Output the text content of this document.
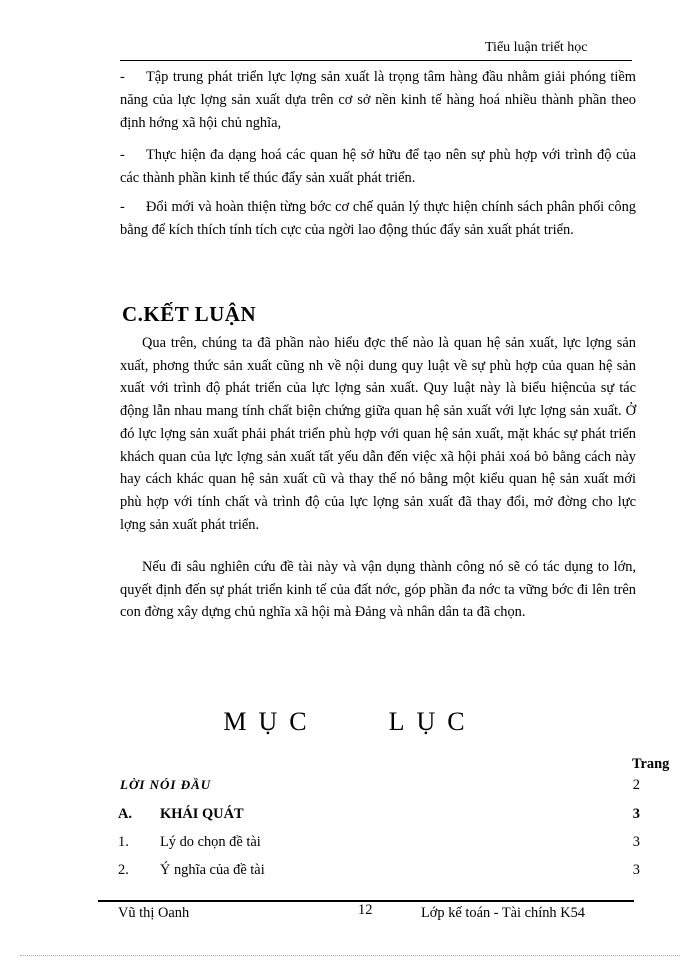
Tiểu luận triết học
- Tập trung phát triển lực lợng sản xuất là trọng tâm hàng đầu nhằm giải phóng tiềm năng của lực lợng sản xuất dựa trên cơ sở nền kinh tế hàng hoá nhiều thành phần theo định hớng xã hội chủ nghĩa,
- Thực hiện đa dạng hoá các quan hệ sở hữu để tạo nên sự phù hợp với trình độ của các thành phần kinh tế thúc đẩy sản xuất phát triển.
- Đổi mới và hoàn thiện từng bớc cơ chế quản lý thực hiện chính sách phân phối công bằng để kích thích tính tích cực của ngời lao động thúc đẩy sản xuất phát triển.
C.KẾT LUẬN
Qua trên, chúng ta đã phần nào hiểu đợc thế nào là quan hệ sản xuất, lực lợng sản xuất, phơng thức sản xuất cũng nh về nội dung quy luật về sự phù hợp của quan hệ sản xuất với trình độ phát triển của lực lợng sản xuất. Quy luật này là biểu hiệncủa sự tác động lẫn nhau mang tính chất biện chứng giữa quan hệ sản xuất với lực lợng sản xuất. Ở đó lực lợng sản xuất phải phát triển phù hợp với quan hệ sản xuất, mặt khác sự phát triển khách quan của lực lợng sản xuất tất yếu dẫn đến việc xã hội phải xoá bỏ bằng cách này hay cách khác quan hệ sản xuất cũ và thay thế nó bằng một kiểu quan hệ sản xuất mới phù hợp với tính chất và trình độ của lực lợng sản xuất đã thay đổi, mở đờng cho lực lợng sản xuất phát triển.
Nếu đi sâu nghiên cứu đề tài này và vận dụng thành công nó sẽ có tác dụng to lớn, quyết định đến sự phát triển kinh tế của đất nớc, góp phần đa nớc ta vững bớc đi lên trên con đờng xây dựng chủ nghĩa xã hội mà Đảng và nhân dân ta đã chọn.
MỤC	LỤC
Trang
LỜI NÓI ĐẦU	2
A. KHÁI QUÁT	3
1. Lý do chọn đề tài	3
2. Ý nghĩa của đề tài	3
Vũ thị Oanh	12	Lớp kế toán - Tài chính K54
